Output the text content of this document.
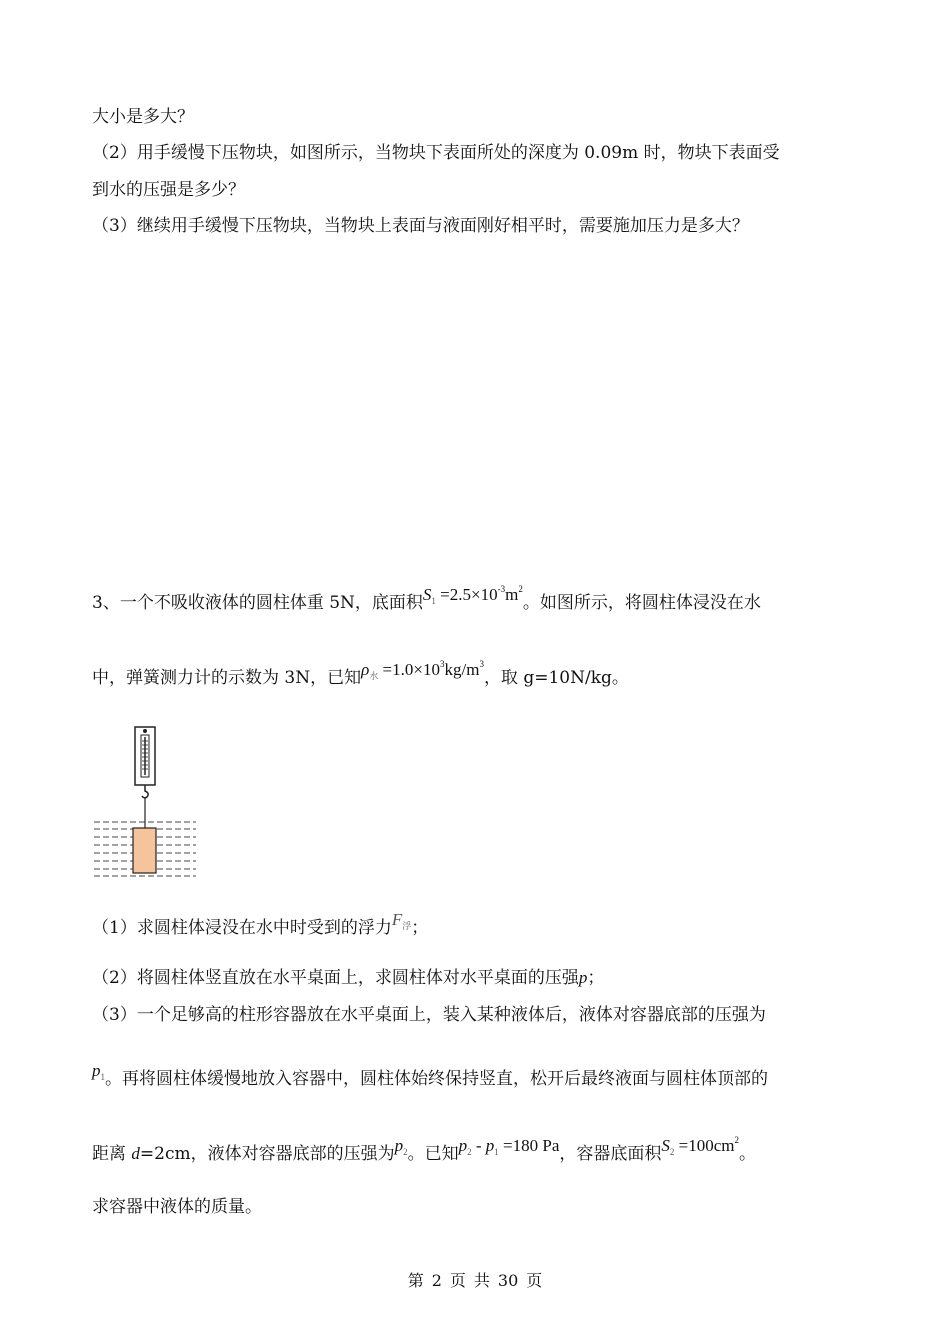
大小是多大？
（2）用手缓慢下压物块，如图所示，当物块下表面所处的深度为 0.09m 时，物块下表面受
到水的压强是多少？
（3）继续用手缓慢下压物块，当物块上表面与液面刚好相平时，需要施加压力是多大？
3、一个不吸收液体的圆柱体重 5N，底面积$S_1 =2.5\times 10^{-3}m^2$。如图所示，将圆柱体浸没在水
中，弹簧测力计的示数为 3N，已知$\rho_水 =1.0\times 10^3kg/m^3$，取 g=10N/kg。
（1）求圆柱体浸没在水中时受到的浮力$F_浮$；
（2）将圆柱体竖直放在水平桌面上，求圆柱体对水平桌面的压强p；
（3）一个足够高的柱形容器放在水平桌面上，装入某种液体后，液体对容器底部的压强为
$p_1$。再将圆柱体缓慢地放入容器中，圆柱体始终保持竖直，松开后最终液面与圆柱体顶部的
距离 d=2cm，液体对容器底部的压强为$p_2$。已知$p_2 - p_1 =180$ Pa，容器底面积$S_2 =100cm^2$。
求容器中液体的质量。
第 2 页 共 30 页
